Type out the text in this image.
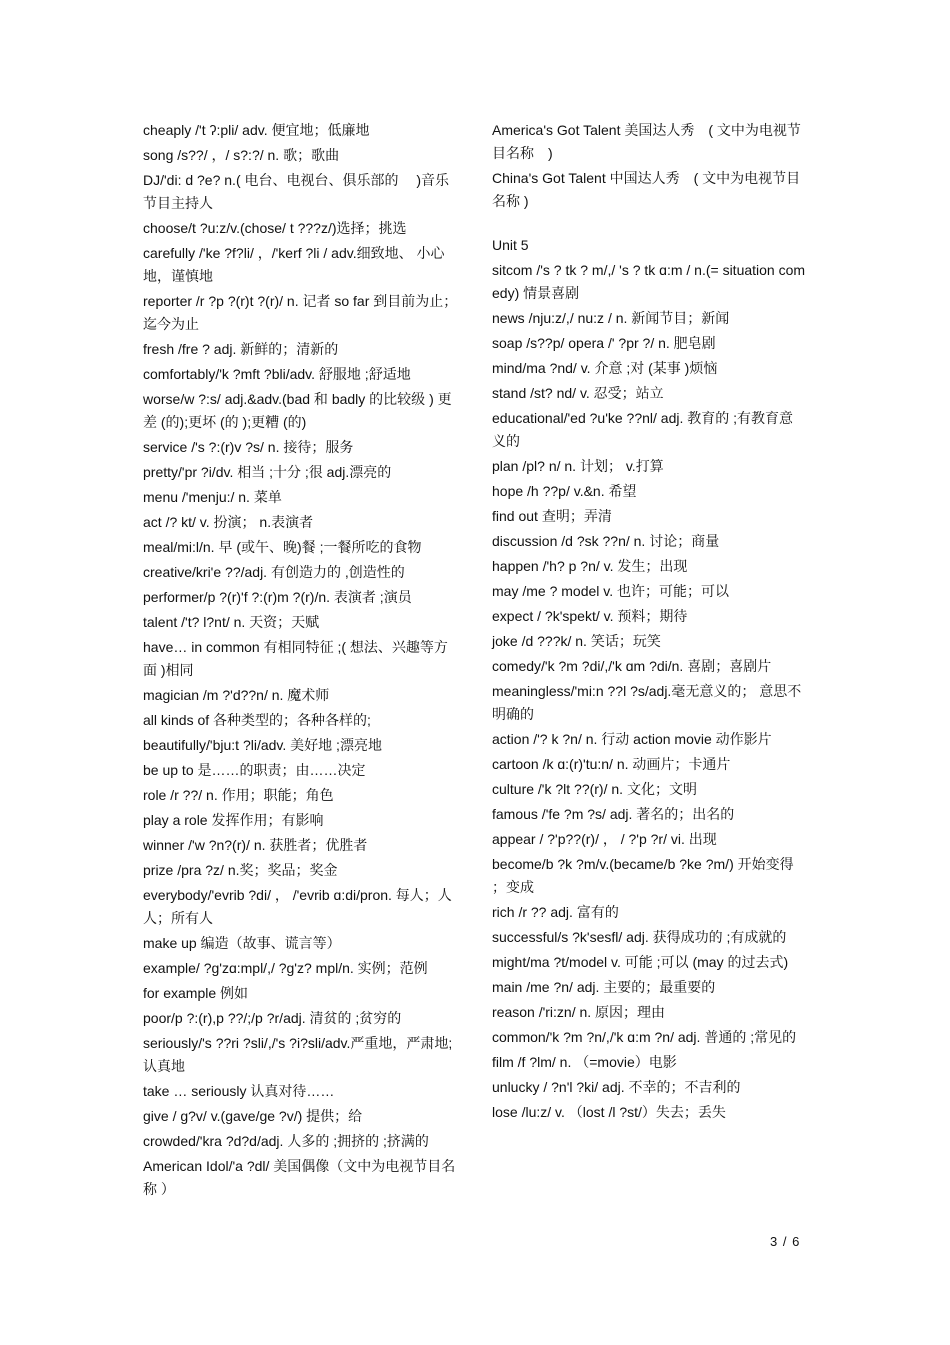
cheaply /'t ʔ:pli/ adv. 便宜地；低廉地
song /s??/ ，/ s?:?/ n. 歌；歌曲
DJ/'di: d ?e? n.( 电台、电视台、俱乐部的　 )音乐节目主持人
choose/t ?u:z/v.(chose/ t ???z/)选择；挑选
carefully /'ke ?f?li/ ，/'kerf ?li / adv.细致地、 小心地，谨慎地
reporter /r ?p ?(r)t ?(r)/ n. 记者 so far 到目前为止；迄今为止
fresh /fre ? adj. 新鲜的；清新的
comfortably/'k ?mft ?bli/adv. 舒服地 ;舒适地
worse/w ?:s/ adj.&adv.(bad 和 badly 的比较级 ) 更差 (的);更坏 (的 );更糟 (的)
service /'s ?:(r)v ?s/ n. 接待；服务
pretty/'pr ?i/dv. 相当 ;十分 ;很 adj.漂亮的
menu /'menju:/ n. 菜单
act /? kt/ v. 扮演； n.表演者
meal/mi:l/n. 早 (或午、晚)餐 ;一餐所吃的食物
creative/kri'e ??/adj. 有创造力的 ,创造性的
performer/p ?(r)'f ?:(r)m ?(r)/n. 表演者 ;演员
talent /'t? l?nt/ n. 天资；天赋
have… in common 有相同特征 ;( 想法、兴趣等方面 )相同
magician /m ?'d??n/ n. 魔术师
all kinds of 各种类型的；各种各样的;
beautifully/'bju:t ?li/adv. 美好地 ;漂亮地
be up to 是……的职责；由……决定
role /r ??/ n. 作用；职能；角色
play a role 发挥作用；有影响
winner /'w ?n?(r)/ n. 获胜者；优胜者
prize /pra ?z/ n.奖；奖品；奖金
everybody/'evrib ?di/ ， /'evrib ɑ:di/pron. 每人；人人；所有人
make up 编造（故事、谎言等）
example/ ?g'zɑ:mpl/,/ ?g'z? mpl/n. 实例；范例
for example 例如
poor/p ?:(r),p ??/;/p ?r/adj. 清贫的 ;贫穷的
seriously/'s ??ri ?sli/,/'s ?i?sli/adv.严重地，严肃地;认真地
take … seriously 认真对待……
give / g?v/ v.(gave/ge ?v/) 提供；给
crowded/'kra ?d?d/adj. 人多的 ;拥挤的 ;挤满的
American Idol/'a ?dl/ 美国偶像（文中为电视节目名称 ）
America's Got Talent 美国达人秀　( 文中为电视节目名称　)
China's Got Talent 中国达人秀　( 文中为电视节目名称 )
Unit 5
sitcom /'s ? tk ? m/,/ 's ? tk ɑ:m / n.(= situation comedy) 情景喜剧
news /nju:z/,/ nu:z / n. 新闻节目；新闻
soap /s??p/ opera /' ?pr ?/ n. 肥皂剧
mind/ma ?nd/ v. 介意 ;对 (某事 )烦恼
stand /st? nd/ v. 忍受；站立
educational/'ed ?u'ke ??nl/ adj. 教育的 ;有教育意义的
plan /pl? n/ n. 计划； v.打算
hope /h ??p/ v.&n. 希望
find out 查明；弄清
discussion /d ?sk ??n/ n. 讨论；商量
happen /'h? p ?n/ v. 发生；出现
may /me ? model v. 也许；可能；可以
expect / ?k'spekt/ v. 预料；期待
joke /d ???k/ n. 笑话；玩笑
comedy/'k ?m ?di/,/'k ɑm ?di/n. 喜剧；喜剧片
meaningless/'mi:n ??l ?s/adj.毫无意义的； 意思不明确的
action /'? k ?n/ n. 行动 action movie 动作影片
cartoon /k ɑ:(r)'tu:n/ n. 动画片；卡通片
culture /'k ?lt ??(r)/ n. 文化；文明
famous /'fe ?m ?s/ adj. 著名的；出名的
appear / ?'p??(r)/ ， / ?'p ?r/ vi. 出现
become/b ?k ?m/v.(became/b ?ke ?m/) 开始变得 ；变成
rich /r ?? adj. 富有的
successful/s ?k'sesfl/ adj. 获得成功的 ;有成就的
might/ma ?t/model v. 可能 ;可以 (may 的过去式)
main /me ?n/ adj. 主要的；最重要的
reason /'ri:zn/ n. 原因；理由
common/'k ?m ?n/,/'k ɑ:m ?n/ adj. 普通的 ;常见的
film /f ?lm/ n. （=movie）电影
unlucky / ?n'l ?ki/ adj. 不幸的；不吉利的
lose /lu:z/ v. （lost /l ?st/）失去；丢失
3 / 6
